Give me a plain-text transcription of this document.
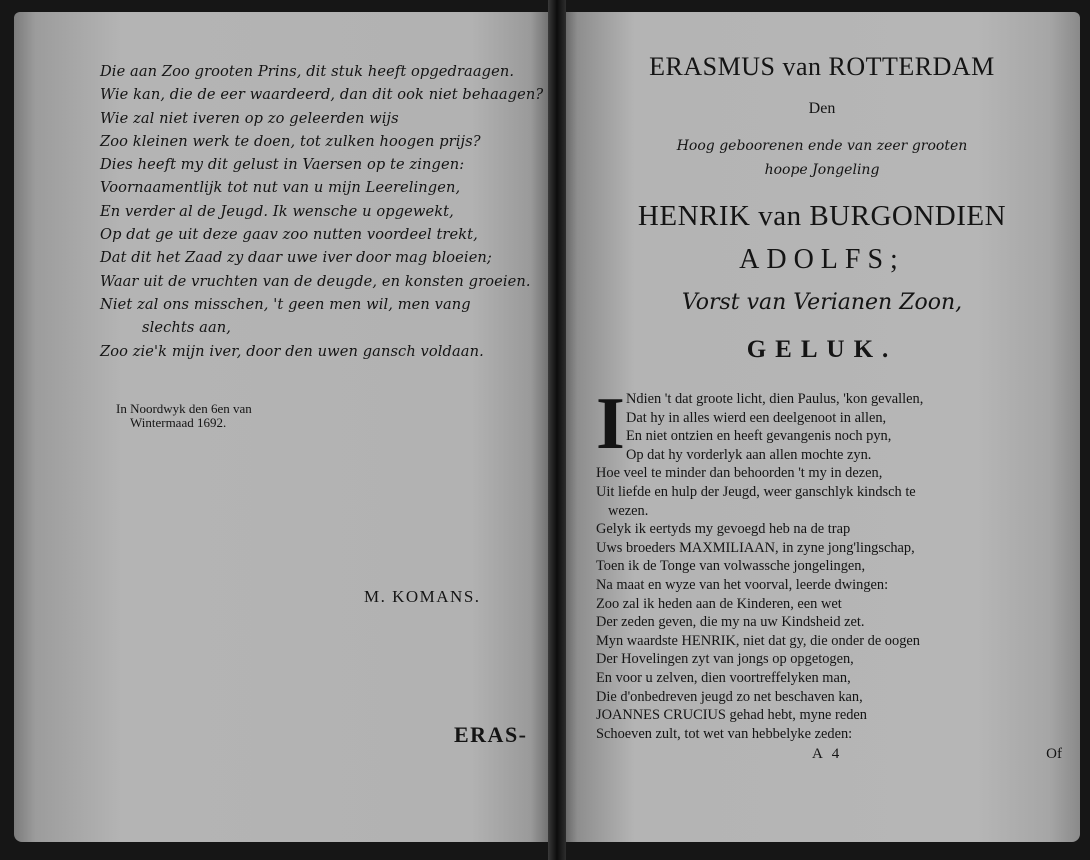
Die aan Zoo grooten Prins, dit stuk heeft opgedraagen.
Wie kan, die de eer waardeerd, dan dit ook niet behaagen?
Wie zal niet iveren op zo geleerden wijs
Zoo kleinen werk te doen, tot zulken hoogen prijs?
Dies heeft my dit gelust in Vaersen op te zingen:
Voornaamentlijk tot nut van u mijn Leerelingen,
En verder al de Jeugd. Ik wensche u opgewekt,
Op dat ge uit deze gaav zoo nutten voordeel trekt,
Dat dit het Zaad zy daar uwe iver door mag bloeien;
Waar uit de vruchten van de deugde, en konsten groeien.
Niet zal ons misschen, 't geen men wil, men vang
slechts aan,
Zoo zie'k mijn iver, door den uwen gansch voldaan.
In Noordwyk den 6en van
Wintermaad 1692.
M. KOMANS.
ERAS-
ERASMUS van ROTTERDAM
Den
Hoog geboorenen ende van zeer grooten
hoope Jongeling
HENRIK van BURGONDIEN
ADOLFS;
Vorst van Verianen Zoon,
GELUK.
I Ndien 't dat groote licht, dien Paulus, 'kon gevallen,
Dat hy in alles wierd een deelgenoot in allen,
En niet ontzien en heeft gevangenis noch pyn,
Op dat hy vorderlyk aan allen mochte zyn.
Hoe veel te minder dan behoorden 't my in dezen,
Uit liefde en hulp der Jeugd, weer ganschlyk kindsch te
wezen.
Gelyk ik eertyds my gevoegd heb na de trap
Uws broeders MAXMILIAAN, in zyne jong'lingschap,
Toen ik de Tonge van volwassche jongelingen,
Na maat en wyze van het voorval, leerde dwingen:
Zoo zal ik heden aan de Kinderen, een wet
Der zeden geven, die my na uw Kindsheid zet.
Myn waardste HENRIK, niet dat gy, die onder de oogen
Der Hovelingen zyt van jongs op opgetogen,
En voor u zelven, dien voortreffelyken man,
Die d'onbedreven jeugd zo net beschaven kan,
JOANNES CRUCIUS gehad hebt, myne reden
Schoeven zult, tot wet van hebbelyke zeden:
A 4	Of
